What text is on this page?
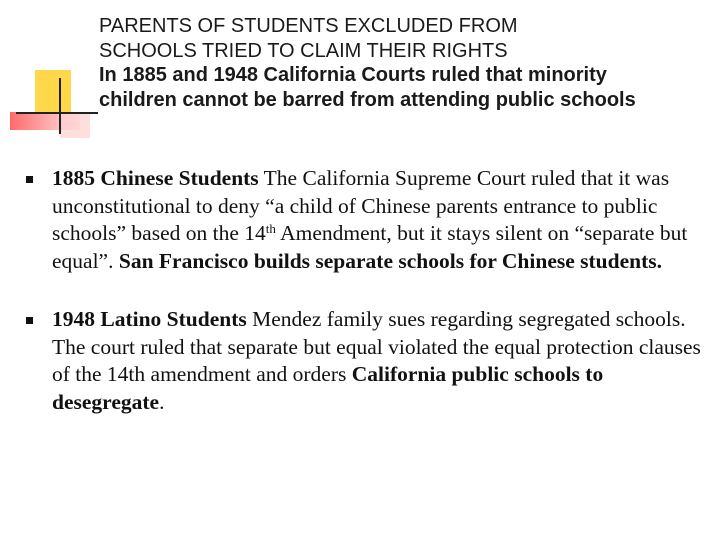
PARENTS OF STUDENTS EXCLUDED FROM
SCHOOLS TRIED TO CLAIM THEIR RIGHTS
In 1885 and 1948 California Courts ruled that minority
children cannot be barred from attending public schools
1885 Chinese Students The California Supreme Court ruled that it was unconstitutional to deny “a child of Chinese parents entrance to public schools” based on the 14th Amendment, but it stays silent on “separate but equal”. San Francisco builds separate schools for Chinese students.
1948 Latino Students Mendez family sues regarding segregated schools. The court ruled that separate but equal violated the equal protection clauses of the 14th amendment and orders California public schools to desegregate.
